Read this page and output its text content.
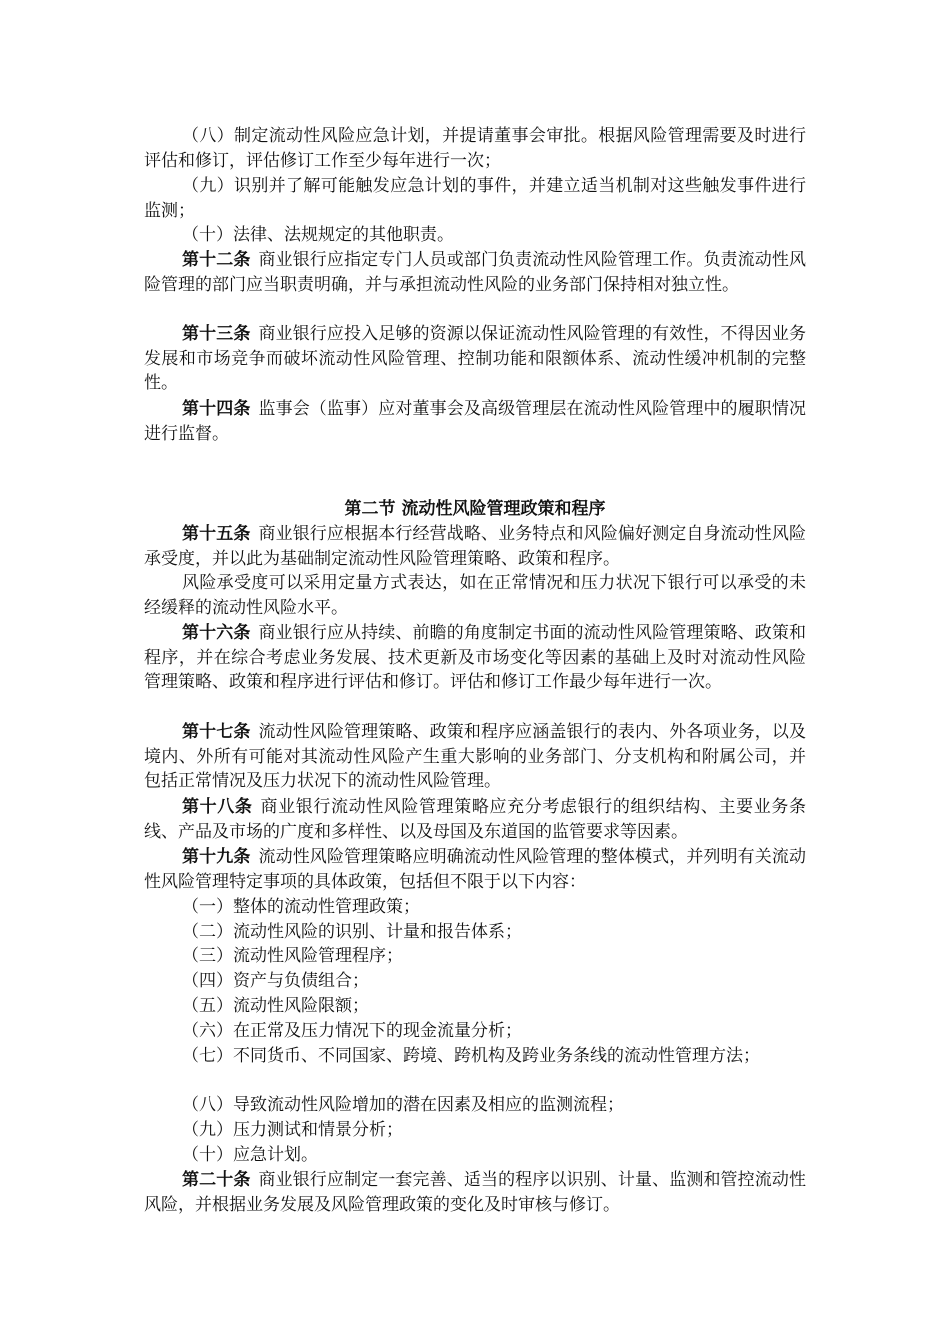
（八）制定流动性风险应急计划，并提请董事会审批。根据风险管理需要及时进行评估和修订，评估修订工作至少每年进行一次；

（九）识别并了解可能触发应急计划的事件，并建立适当机制对这些触发事件进行监测；

（十）法律、法规规定的其他职责。

第十二条 商业银行应指定专门人员或部门负责流动性风险管理工作。负责流动性风险管理的部门应当职责明确，并与承担流动性风险的业务部门保持相对独立性。

第十三条 商业银行应投入足够的资源以保证流动性风险管理的有效性，不得因业务发展和市场竞争而破坏流动性风险管理、控制功能和限额体系、流动性缓冲机制的完整性。

第十四条 监事会（监事）应对董事会及高级管理层在流动性风险管理中的履职情况进行监督。

第二节 流动性风险管理政策和程序

第十五条 商业银行应根据本行经营战略、业务特点和风险偏好测定自身流动性风险承受度，并以此为基础制定流动性风险管理策略、政策和程序。

风险承受度可以采用定量方式表达，如在正常情况和压力状况下银行可以承受的未经缓释的流动性风险水平。

第十六条 商业银行应从持续、前瞻的角度制定书面的流动性风险管理策略、政策和程序，并在综合考虑业务发展、技术更新及市场变化等因素的基础上及时对流动性风险管理策略、政策和程序进行评估和修订。评估和修订工作最少每年进行一次。

第十七条 流动性风险管理策略、政策和程序应涵盖银行的表内、外各项业务，以及境内、外所有可能对其流动性风险产生重大影响的业务部门、分支机构和附属公司，并包括正常情况及压力状况下的流动性风险管理。

第十八条 商业银行流动性风险管理策略应充分考虑银行的组织结构、主要业务条线、产品及市场的广度和多样性、以及母国及东道国的监管要求等因素。

第十九条 流动性风险管理策略应明确流动性风险管理的整体模式，并列明有关流动性风险管理特定事项的具体政策，包括但不限于以下内容：

（一）整体的流动性管理政策；

（二）流动性风险的识别、计量和报告体系；

（三）流动性风险管理程序；

（四）资产与负债组合；

（五）流动性风险限额；

（六）在正常及压力情况下的现金流量分析；

（七）不同货币、不同国家、跨境、跨机构及跨业务条线的流动性管理方法；

（八）导致流动性风险增加的潜在因素及相应的监测流程；

（九）压力测试和情景分析；

（十）应急计划。

第二十条 商业银行应制定一套完善、适当的程序以识别、计量、监测和管控流动性风险，并根据业务发展及风险管理政策的变化及时审核与修订。
